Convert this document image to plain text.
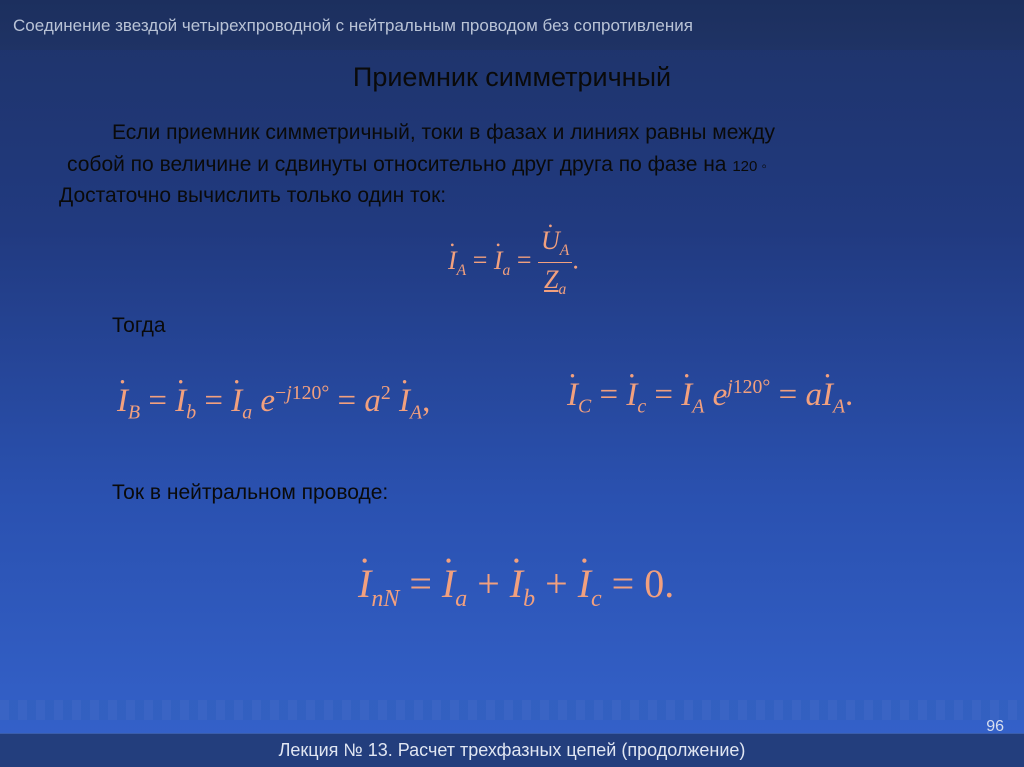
Соединение звездой четырехпроводной с нейтральным проводом без сопротивления
Приемник симметричный
Если приемник симметричный, токи в фазах и линиях равны между
собой по величине и сдвинуты относительно друг друга по фазе на 120 ◦
Достаточно вычислить только один ток:
• $I_A$ = • $I_a$ = • $\frac{U_A}{Z_a}$ .
Тогда
• $I_B$ = • $I_b$ = • $I_a$ $e^{-j120^\circ} = a^2$ • $I_A$,	• $I_C$ = • $I_c$ = • $I_A$ $e^{j120^\circ}$ = a• $I_A$.
Ток в нейтральном проводе:
• $I_{nN}$ = • $I_a$ + • $I_b$ + • $I_c = 0$.
96
Лекция № 13. Расчет трехфазных цепей (продолжение)
